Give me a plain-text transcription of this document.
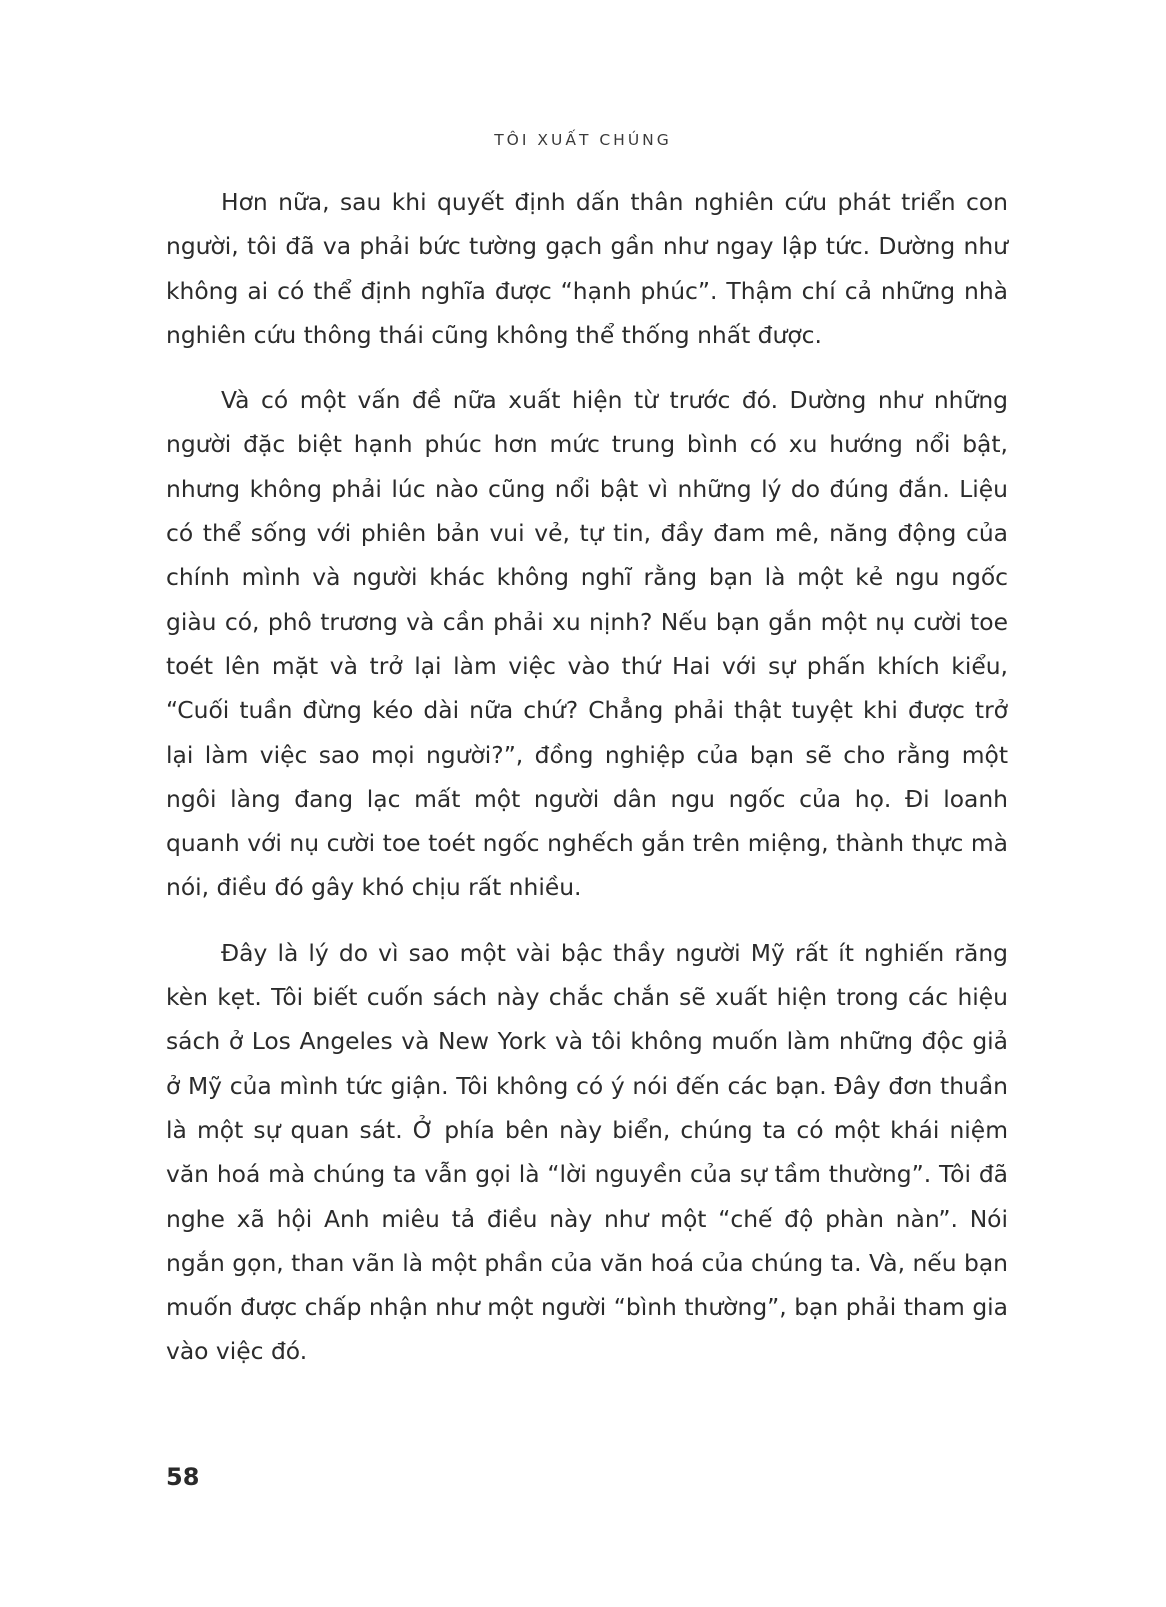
TÔI XUẤT CHÚNG

Hơn nữa, sau khi quyết định dấn thân nghiên cứu phát triển con người, tôi đã va phải bức tường gạch gần như ngay lập tức. Dường như không ai có thể định nghĩa được “hạnh phúc”. Thậm chí cả những nhà nghiên cứu thông thái cũng không thể thống nhất được.

Và có một vấn đề nữa xuất hiện từ trước đó. Dường như những người đặc biệt hạnh phúc hơn mức trung bình có xu hướng nổi bật, nhưng không phải lúc nào cũng nổi bật vì những lý do đúng đắn. Liệu có thể sống với phiên bản vui vẻ, tự tin, đầy đam mê, năng động của chính mình và người khác không nghĩ rằng bạn là một kẻ ngu ngốc giàu có, phô trương và cần phải xu nịnh? Nếu bạn gắn một nụ cười toe toét lên mặt và trở lại làm việc vào thứ Hai với sự phấn khích kiểu, “Cuối tuần đừng kéo dài nữa chứ? Chẳng phải thật tuyệt khi được trở lại làm việc sao mọi người?”, đồng nghiệp của bạn sẽ cho rằng một ngôi làng đang lạc mất một người dân ngu ngốc của họ. Đi loanh quanh với nụ cười toe toét ngốc nghếch gắn trên miệng, thành thực mà nói, điều đó gây khó chịu rất nhiều.

Đây là lý do vì sao một vài bậc thầy người Mỹ rất ít nghiến răng kèn kẹt. Tôi biết cuốn sách này chắc chắn sẽ xuất hiện trong các hiệu sách ở Los Angeles và New York và tôi không muốn làm những độc giả ở Mỹ của mình tức giận. Tôi không có ý nói đến các bạn. Đây đơn thuần là một sự quan sát. Ở phía bên này biển, chúng ta có một khái niệm văn hoá mà chúng ta vẫn gọi là “lời nguyền của sự tầm thường”. Tôi đã nghe xã hội Anh miêu tả điều này như một “chế độ phàn nàn”. Nói ngắn gọn, than vãn là một phần của văn hoá của chúng ta. Và, nếu bạn muốn được chấp nhận như một người “bình thường”, bạn phải tham gia vào việc đó.

58
